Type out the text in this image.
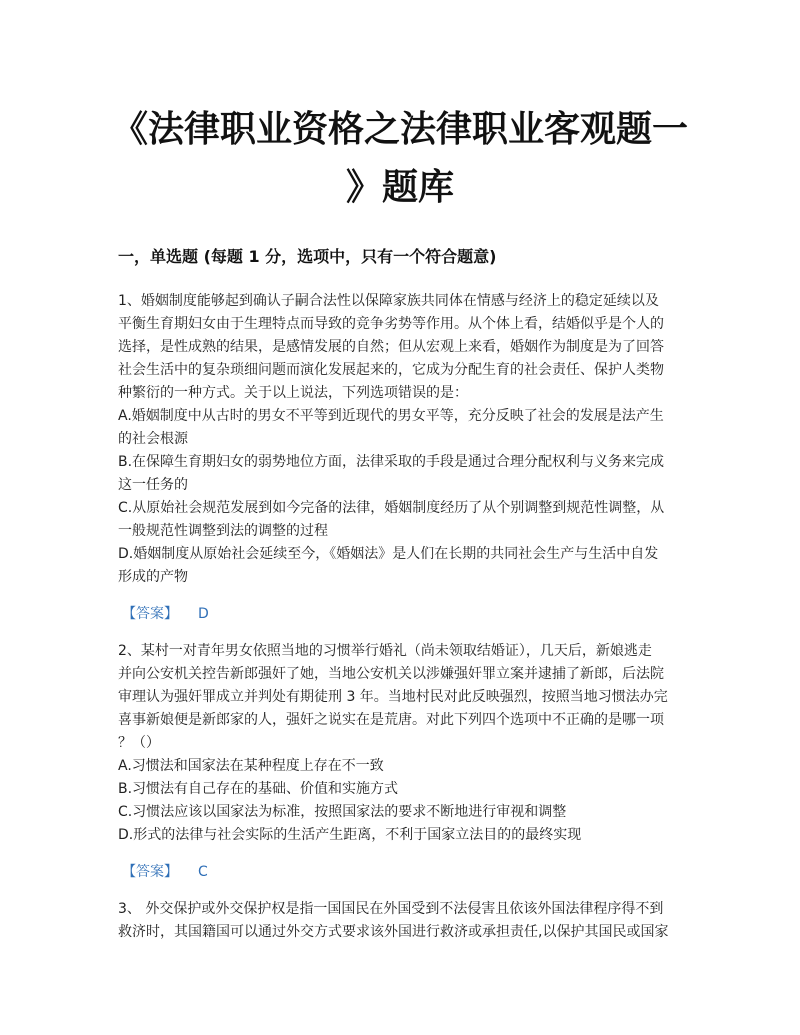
《法律职业资格之法律职业客观题一
》题库
一，单选题 (每题 1 分，选项中，只有一个符合题意)

1、婚姻制度能够起到确认子嗣合法性以保障家族共同体在情感与经济上的稳定延续以及
平衡生育期妇女由于生理特点而导致的竞争劣势等作用。从个体上看，结婚似乎是个人的
选择，是性成熟的结果，是感情发展的自然；但从宏观上来看，婚姻作为制度是为了回答
社会生活中的复杂琐细问题而演化发展起来的，它成为分配生育的社会责任、保护人类物
种繁衍的一种方式。关于以上说法，下列选项错误的是：

A.婚姻制度中从古时的男女不平等到近现代的男女平等，充分反映了社会的发展是法产生
的社会根源

B.在保障生育期妇女的弱势地位方面，法律采取的手段是通过合理分配权利与义务来完成
这一任务的

C.从原始社会规范发展到如今完备的法律，婚姻制度经历了从个别调整到规范性调整，从
一般规范性调整到法的调整的过程

D.婚姻制度从原始社会延续至今，《婚姻法》是人们在长期的共同社会生产与生活中自发
形成的产物

【答案】 D

2、某村一对青年男女依照当地的习惯举行婚礼（尚未领取结婚证），几天后，新娘逃走
并向公安机关控告新郎强奸了她，当地公安机关以涉嫌强奸罪立案并逮捕了新郎，后法院
审理认为强奸罪成立并判处有期徒刑 3 年。当地村民对此反映强烈，按照当地习惯法办完
喜事新娘便是新郎家的人，强奸之说实在是荒唐。对此下列四个选项中不正确的是哪一项
？（）

A.习惯法和国家法在某种程度上存在不一致

B.习惯法有自己存在的基础、价值和实施方式

C.习惯法应该以国家法为标准，按照国家法的要求不断地进行审视和调整

D.形式的法律与社会实际的生活产生距离，不利于国家立法目的的最终实现

【答案】 C

3、 外交保护或外交保护权是指一国国民在外国受到不法侵害且依该外国法律程序得不到
救济时，其国籍国可以通过外交方式要求该外国进行救济或承担责任,以保护其国民或国家
